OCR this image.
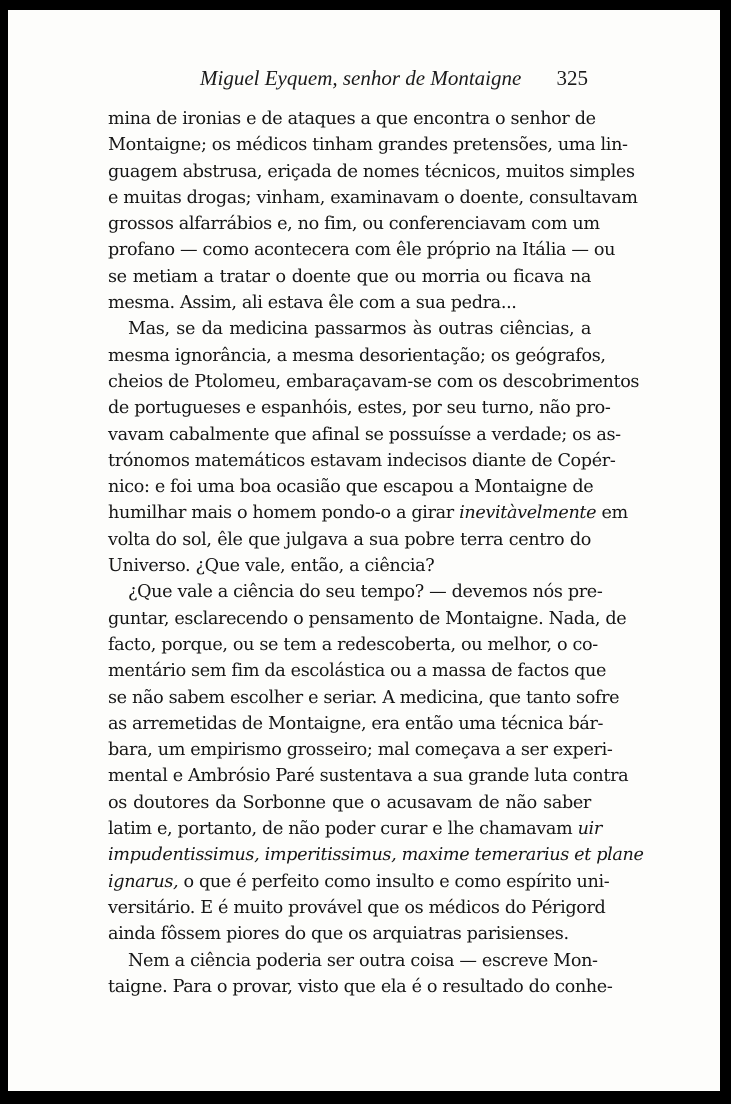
Miguel Eyquem, senhor de Montaigne 325
mina de ironias e de ataques a que encontra o senhor de
Montaigne; os médicos tinham grandes pretensões, uma lin-
guagem abstrusa, eriçada de nomes técnicos, muitos simples
e muitas drogas; vinham, examinavam o doente, consultavam
grossos alfarrábios e, no fim, ou conferenciavam com um
profano — como acontecera com êle próprio na Itália — ou
se metiam a tratar o doente que ou morria ou ficava na
mesma. Assim, ali estava êle com a sua pedra...
Mas, se da medicina passarmos às outras ciências, a
mesma ignorância, a mesma desorientação; os geógrafos,
cheios de Ptolomeu, embaraçavam-se com os descobrimentos
de portugueses e espanhóis, estes, por seu turno, não pro-
vavam cabalmente que afinal se possuísse a verdade; os as-
trónomos matemáticos estavam indecisos diante de Copér-
nico: e foi uma boa ocasião que escapou a Montaigne de
humilhar mais o homem pondo-o a girar inevitàvelmente em
volta do sol, êle que julgava a sua pobre terra centro do
Universo. ¿Que vale, então, a ciência?
¿Que vale a ciência do seu tempo? — devemos nós pre-
guntar, esclarecendo o pensamento de Montaigne. Nada, de
facto, porque, ou se tem a redescoberta, ou melhor, o co-
mentário sem fim da escolástica ou a massa de factos que
se não sabem escolher e seriar. A medicina, que tanto sofre
as arremetidas de Montaigne, era então uma técnica bár-
bara, um empirismo grosseiro; mal começava a ser experi-
mental e Ambrósio Paré sustentava a sua grande luta contra
os doutores da Sorbonne que o acusavam de não saber
latim e, portanto, de não poder curar e lhe chamavam uir
impudentissimus, imperitissimus, maxime temerarius et plane
ignarus, o que é perfeito como insulto e como espírito uni-
versitário. E é muito provável que os médicos do Périgord
ainda fôssem piores do que os arquiatras parisienses.
Nem a ciência poderia ser outra coisa — escreve Mon-
taigne. Para o provar, visto que ela é o resultado do conhe-
